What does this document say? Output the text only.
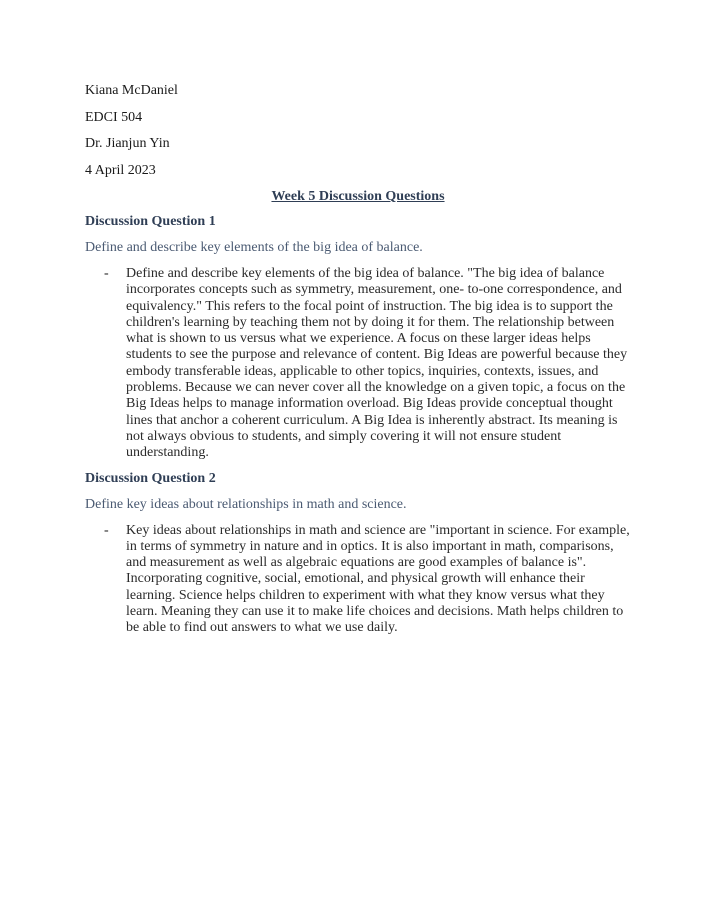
Kiana McDaniel

EDCI 504

Dr. Jianjun Yin

4 April 2023

Week 5 Discussion Questions

Discussion Question 1

Define and describe key elements of the big idea of balance.

- Define and describe key elements of the big idea of balance. "The big idea of balance incorporates concepts such as symmetry, measurement, one- to-one correspondence, and equivalency." This refers to the focal point of instruction. The big idea is to support the children's learning by teaching them not by doing it for them. The relationship between what is shown to us versus what we experience. A focus on these larger ideas helps students to see the purpose and relevance of content. Big Ideas are powerful because they embody transferable ideas, applicable to other topics, inquiries, contexts, issues, and problems. Because we can never cover all the knowledge on a given topic, a focus on the Big Ideas helps to manage information overload. Big Ideas provide conceptual thought lines that anchor a coherent curriculum. A Big Idea is inherently abstract. Its meaning is not always obvious to students, and simply covering it will not ensure student understanding.

Discussion Question 2

Define key ideas about relationships in math and science.

- Key ideas about relationships in math and science are "important in science. For example, in terms of symmetry in nature and in optics. It is also important in math, comparisons, and measurement as well as algebraic equations are good examples of balance is". Incorporating cognitive, social, emotional, and physical growth will enhance their learning. Science helps children to experiment with what they know versus what they learn. Meaning they can use it to make life choices and decisions. Math helps children to be able to find out answers to what we use daily.
